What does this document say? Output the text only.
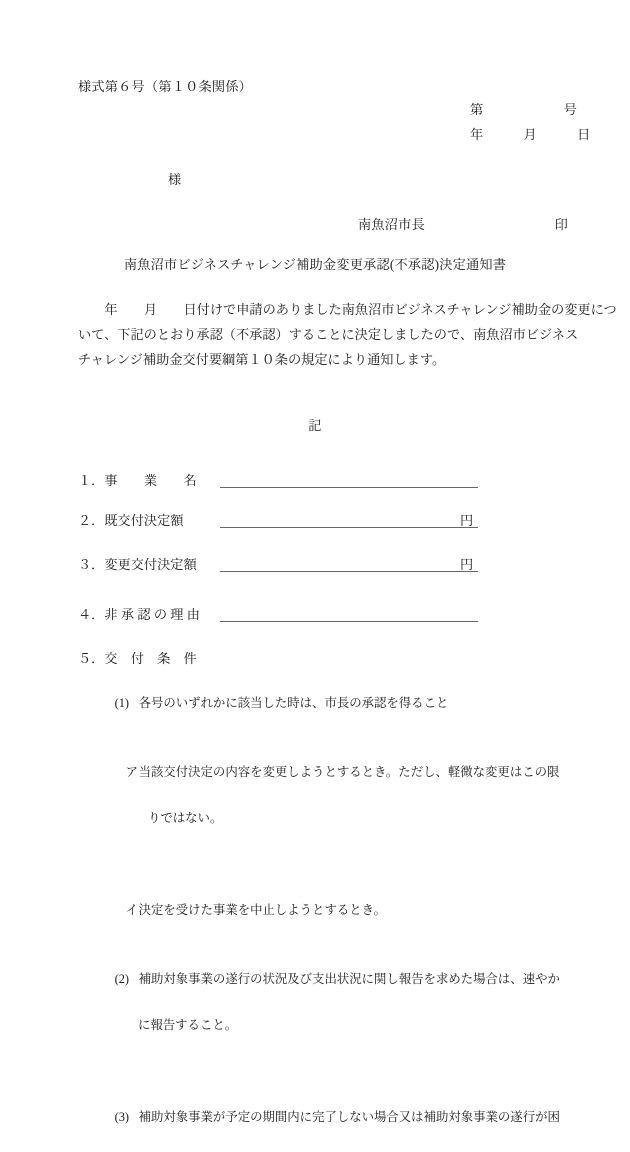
様式第６号（第１０条関係）
第　　　　　　号
年　　　月　　　日
様
南魚沼市長	印
南魚沼市ビジネスチャレンジ補助金変更承認(不承認)決定通知書
　　年　　月　　日付けで申請のありました南魚沼市ビジネスチャレンジ補助金の変更につ
いて、下記のとおり承認（不承認）することに決定しましたので、南魚沼市ビジネス
チャレンジ補助金交付要綱第１０条の規定により通知します。
記

１．事　　業　　名

２．既交付決定額

	円

３．変更交付決定額

	円

４．非 承 認 の 理 由

５．交　付　条　件

(1) 各号のいずれかに該当した時は、市長の承認を得ること

ア当該交付決定の内容を変更しようとするとき。ただし、軽微な変更はこの限

りではない。

イ決定を受けた事業を中止しようとするとき。

(2) 補助対象事業の遂行の状況及び支出状況に関し報告を求めた場合は、速やか

に報告すること。

(3) 補助対象事業が予定の期間内に完了しない場合又は補助対象事業の遂行が困
